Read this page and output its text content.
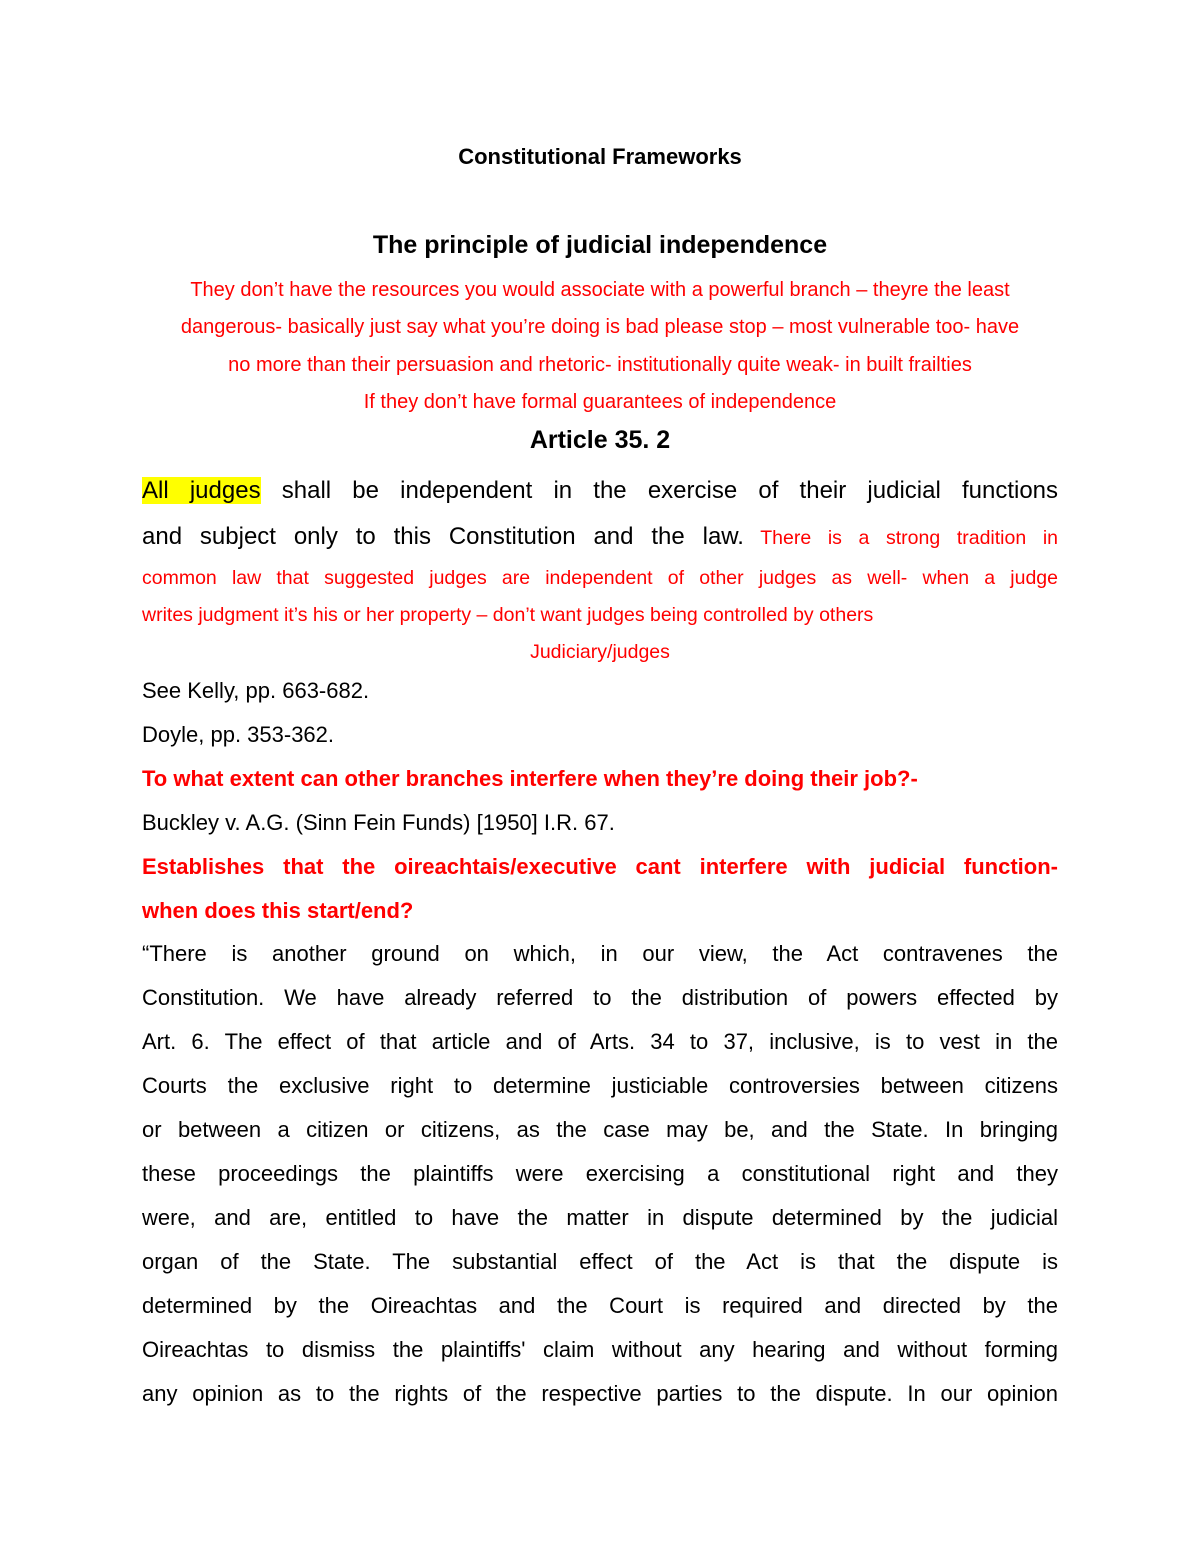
Constitutional Frameworks
The principle of judicial independence
They don’t have the resources you would associate with a powerful branch – theyre the least
dangerous- basically just say what you’re doing is bad please stop – most vulnerable too- have
no more than their persuasion and rhetoric- institutionally quite weak- in built frailties
If they don’t have formal guarantees of independence
Article 35. 2
All judges shall be independent in the exercise of their judicial functions
and subject only to this Constitution and the law. There is a strong tradition in
common law that suggested judges are independent of other judges as well- when a judge
writes judgment it’s his or her property – don’t want judges being controlled by others
Judiciary/judges
See Kelly, pp. 663-682.
Doyle, pp. 353-362.
To what extent can other branches interfere when they’re doing their job?-
Buckley v. A.G. (Sinn Fein Funds) [1950] I.R. 67.
Establishes that the oireachtais/executive cant interfere with judicial function-
when does this start/end?
“There is another ground on which, in our view, the Act contravenes the
Constitution. We have already referred to the distribution of powers effected by
Art. 6. The effect of that article and of Arts. 34 to 37, inclusive, is to vest in the
Courts the exclusive right to determine justiciable controversies between citizens
or between a citizen or citizens, as the case may be, and the State. In bringing
these proceedings the plaintiffs were exercising a constitutional right and they
were, and are, entitled to have the matter in dispute determined by the judicial
organ of the State. The substantial effect of the Act is that the dispute is
determined by the Oireachtas and the Court is required and directed by the
Oireachtas to dismiss the plaintiffs' claim without any hearing and without forming
any opinion as to the rights of the respective parties to the dispute. In our opinion
